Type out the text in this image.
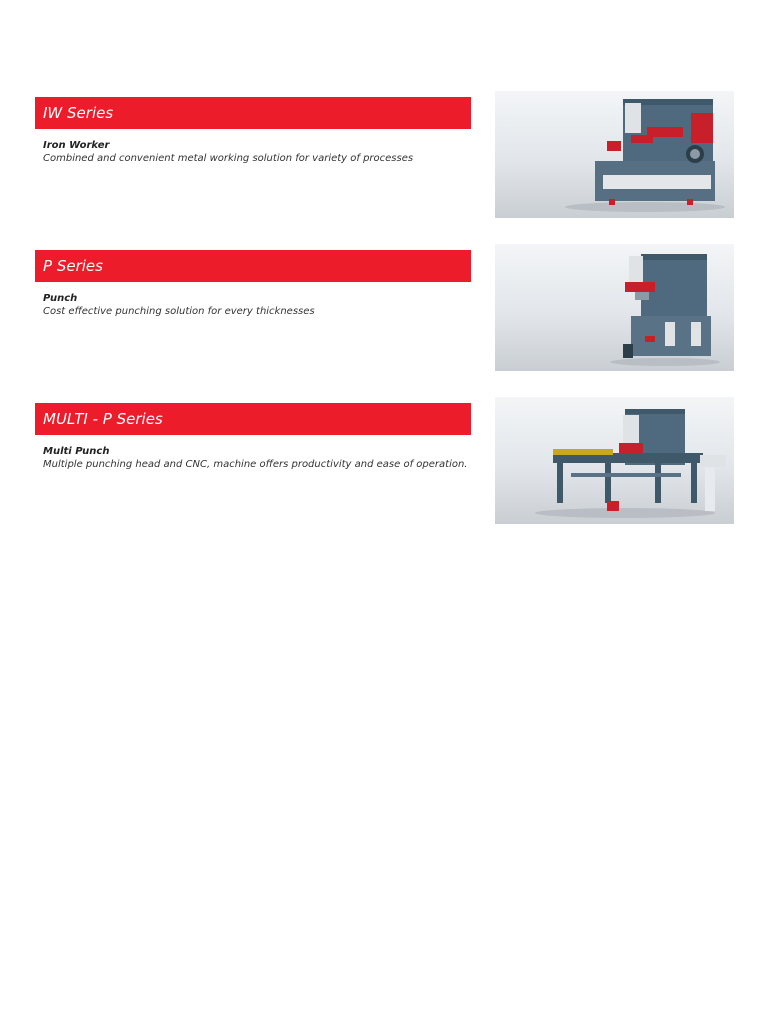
IW Series
Iron Worker
Combined and convenient metal working solution for variety of processes
P Series
Punch
Cost effective punching solution for every thicknesses
MULTI - P Series
Multi Punch
Multiple punching head and CNC, machine offers productivity and ease of operation.
